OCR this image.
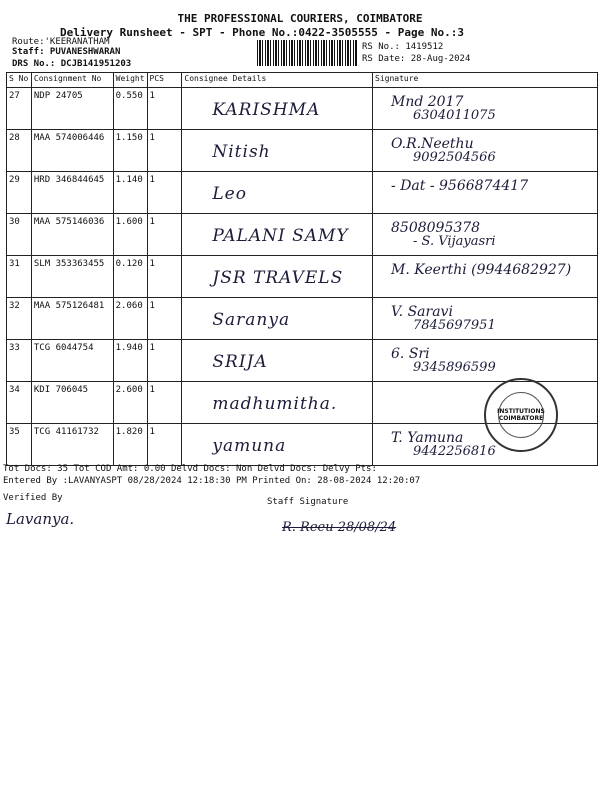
THE PROFESSIONAL COURIERS, COIMBATORE
Delivery Runsheet - SPT - Phone No.:0422-3505555 - Page No.:3
Route:'KEERANATHAM
Staff: PUVANESHWARAN
DRS No.: DCJB141951203
RS No.: 1419512
RS Date: 28-Aug-2024
S No	Consignment No	Weight	PCS	Consignee Details	Signature

27	NDP 24705	0.550	1	KARISHMA	Mnd 2017
6304011075

28	MAA 574006446	1.150	1	Nitish	O.R.Neethu
9092504566

29	HRD 346844645	1.140	1	Leo	- Dat - 9566874417

30	MAA 575146036	1.600	1	PALANI SAMY	8508095378
- S. Vijayasri

31	SLM 353363455	0.120	1	JSR TRAVELS	M. Keerthi (9944682927)

32	MAA 575126481	2.060	1	Saranya	V. Saravi
7845697951

33	TCG 6044754	1.940	1	SRIJA	6. Sri
9345896599

34	KDI 706045	2.600	1	madhumitha.	

35	TCG 41161732	1.820	1	yamuna	T. Yamuna
9442256816
INSTITUTIONS COIMBATORE
Tot Docs: 35 Tot COD Amt: 0.00 Delvd Docs: Non Delvd Docs: Delvy Pts:
Entered By :LAVANYASPT 08/28/2024 12:18:30 PM Printed On: 28-08-2024 12:20:07
Verified By
Lavanya.
Staff Signature
R. Reeu 28/08/24
